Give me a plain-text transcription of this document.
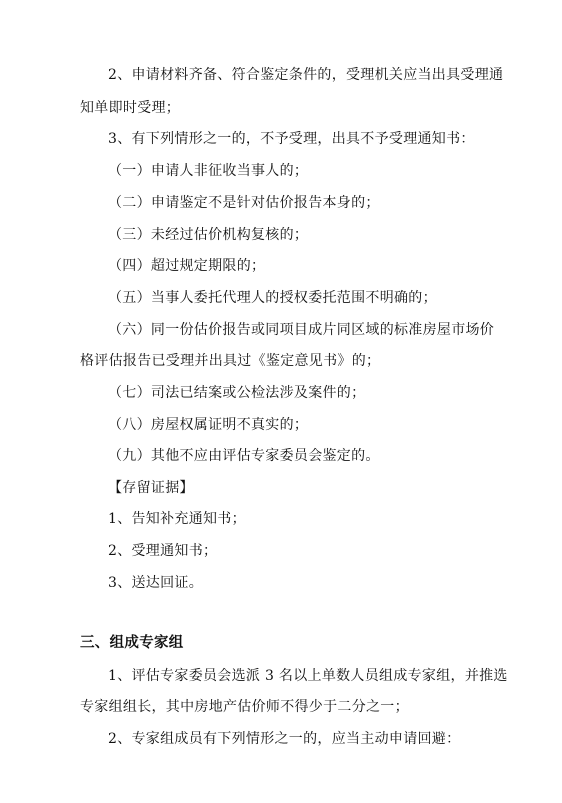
2、申请材料齐备、符合鉴定条件的，受理机关应当出具受理通
知单即时受理；
3、有下列情形之一的，不予受理，出具不予受理通知书：
（一）申请人非征收当事人的；
（二）申请鉴定不是针对估价报告本身的；
（三）未经过估价机构复核的；
（四）超过规定期限的；
（五）当事人委托代理人的授权委托范围不明确的；
（六）同一份估价报告或同项目成片同区域的标准房屋市场价
格评估报告已受理并出具过《鉴定意见书》的；
（七）司法已结案或公检法涉及案件的；
（八）房屋权属证明不真实的；
（九）其他不应由评估专家委员会鉴定的。
【存留证据】
1、告知补充通知书；
2、受理通知书；
3、送达回证。
三、组成专家组
1、评估专家委员会选派 3 名以上单数人员组成专家组，并推选
专家组组长，其中房地产估价师不得少于二分之一；
2、专家组成员有下列情形之一的，应当主动申请回避：
